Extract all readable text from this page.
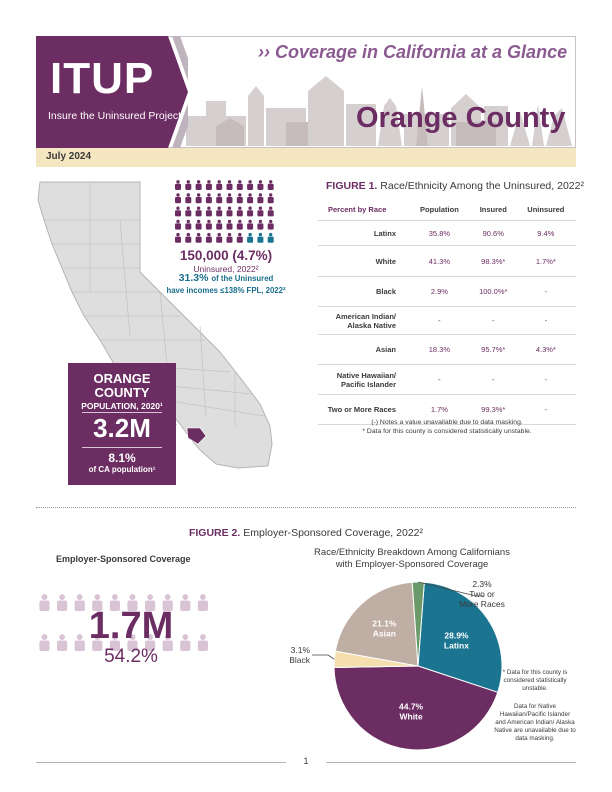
ITUP
Insure the Uninsured Project
›› Coverage in California at a Glance
Orange County
July 2024
150,000 (4.7%)
Uninsured, 2022²
31.3% of the Uninsured
have incomes ≤138% FPL, 2022²
ORANGE
COUNTY
POPULATION, 2020¹
3.2M
8.1%
of CA population¹
FIGURE 1. Race/Ethnicity Among the Uninsured, 2022²
Percent by Race	Population	Insured	Uninsured
Latinx	35.8%	90.6%	9.4%
White	41.3%	98.3%*	1.7%*
Black	2.9%	100.0%*	-
American Indian/ Alaska Native	-	-	-
Asian	18.3%	95.7%*	4.3%*
Native Hawaiian/ Pacific Islander	-	-	-
Two or More Races	1.7%	99.3%*	-
(-) Notes a value unavailable due to data masking.
* Data for this county is considered statistically unstable.
FIGURE 2. Employer-Sponsored Coverage, 2022²
Employer-Sponsored Coverage
1.7M
54.2%
Race/Ethnicity Breakdown Among Californians
with Employer-Sponsored Coverage
28.9%
Latinx
44.7%
White
21.1%
Asian
3.1%
Black
2.3%
Two or
More Races
* Data for this county is considered statistically unstable.
Data for Native Hawaiian/Pacific Islander and American Indian/ Alaska Native are unavailable due to data masking.
1
